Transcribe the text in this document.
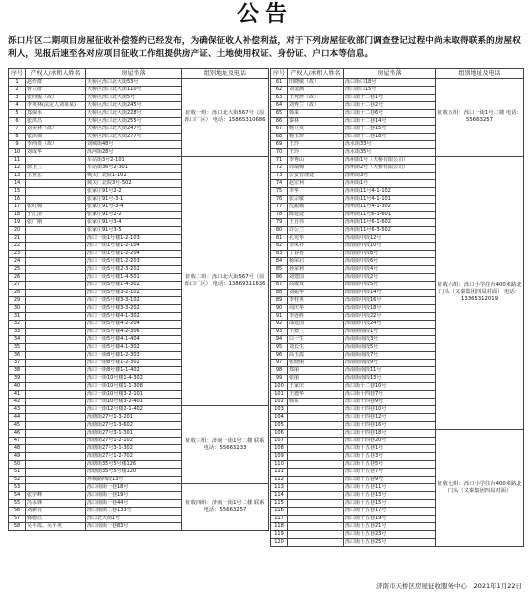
公告
泺口片区二期项目房屋征收补偿签约已经发布，为确保征收人补偿利益，对于下列房屋征收部门调查登记过程中尚未取得联系的房屋权利人，见报后速至各对应项目征收工作组提供房产证、土地使用权证、身份证、户口本等信息。
序号	产权人/承租人姓名	房屋坐落	组别地址及电话
1	赵作群	天桥区泺口北大街53号	征收一组：泺口北大街567号（原泺口厂区） 电话：15865310686
2	曹立群	天桥区泺口北大街110号	
3	张尚俊（故）	天桥区泺口北大街5号	
4	李英林(法定人刘某某)	天桥区泺口北大街245号	
5	郑保水	天桥区泺口北大街228号	
6	张洪昌	天桥区泺口北大街255号	
7	刘美林（故）	天桥区泺口北大街247号	
8	张洪锁	天桥区泺口北大街277号	
9	李西贵（故）	刘城街48号	
10	刘成华	泺河街28号	
11		车站街3号2-101	征收二组：泺口北大街567号（原泺口厂区） 电话：13869311636
12	徐卫兰	车站街36号2-301	
13	王亚宏	城关厂北院1-101	
14		城关厂北院3号-502	
15		张家庄91号2-2	
16		张家庄91号-3-1	
17	张红梅	张家庄91号-3-4	
18	于汇清	张家庄91号2-2	
19	张广刚	张家庄91号3-4	
20		张家庄91号3-5	
21		泺口一街1号楼1-2-103	
22		泺口一街1号楼1-2-104	
23		泺口一街1号楼1-2-204	
24		泺口一街5号楼1-2-203	
25		泺口一街5号楼2-3-202	
26		泺口一街5号楼1-4-501	
27		泺口一街5号楼1-4-302	
28		泺口一街5号楼3-2-102	
29		泺口一街5号楼3-3-102	
30		泺口一街5号楼3-3-202	
31		泺口一街5号楼4-1-302	
32		泺口一街5号楼4-2-204	
33		泺口一街5号楼4-2-306	
34		泺口一街5号楼4-1-404	
35		泺口一街5号楼4-1-302	
36		泺口一街8号楼1-2-303	
37		泺口一街8号楼1-2-302	
38		泺口一街8号楼1-1-402	
39		泺口一街10号楼1-4-302	
40		泺口一街10号楼1-1-308	
41		泺口一街10号楼3-2-101	
42		泺口一街10号楼3-2-401	
43		泺口一街12号楼2-1-402	征收三组：济南一街1号二楼 联系电话：55663233
44		泺塘街27号1-3-201	
45		泺塘街27号1-3-602	
46		泺塘街27号3-1-301	
47		泺塘街27号1-2-102	
48		泺塘街27号3-1-302	
49		泺塘街27号1-2-702	
50		泺塘街35号5号楼126	
51		泺塘街35号5号楼120	
52		环城路西段13号	
53		泺口南街一巷18号	征收四组：济南一街1号二楼 联系电话：55663257
54	张学峰	泺口南街一巷19号	
55	冯永锋	泺口南街一巷44号	
56	刘新亮	泺口南街二巷133号	
57	韩德昌	泺口北大街1号	
58	吴平霞、吴平英	泺口南街一巷83号	
序号	产权人/承租人姓名	房屋坐落	组别地址及电话
61	田晓敏（故）	泺口街口18号	征收五组：泺口一街1号二楼 电话：55663257
62	刘金满	泺口街口15号	
63	王秀珍（故）	泺口街十二巷1号	
64	刘秀兰（故）	泺口街十二巷2号	
65	韩来	泺口街十二巷6号	
66	秦林	泺口街十二巷14号	
67	杨立贵	泺口街十二巷15号	
68	杨玉珍	泺口街十二巷18号	
69	王玲	泺水街33号	
70	王玲	泺水街35号	
71	李秀山	泺州街1号（天桥有限公司）	征收六组：泺口小学住台400米路北门头（又秦集团四局对面） 电话：13365312019
72	周瑞梅	泺州街2号（天桥有限公司）	
73	公安管理处	泺州街3号	
74	赵宏利	泺州街1号	
75	李华	泺州街11号4-1-102	
76	张宗敏	泺州街11号4-1-101	
77	沈振城	泺州街11号4-1-302	
78	陈建设	泺州街11号6-1-601	
79	王自伟	泺州街11号6-1-602	
80	许公兰	泺州街11号6-3-502	
81	孔宪华	泺南街中段12号	
82	李凤祥	泺南街中段10号	
83	丁春香	泺南街中段8号	
84	杨荣启	泺南街中段6号	
85	孙荣利	泺南街中段4号	
86	刘建国	泺南街中段2号	
87	高敬发	泺南街中段5号	
88	刘振华	泺南街中段14号	
89	李桂英	泺南街中段16号	
90	周庆华	泺南街中段18号	
91	李连胜	泺南街中段22号	
92	邵建国	泺南街中段24号	
93	王德兰	泺南街南段1号	
94	白一生	泺南街南段3号	
95	刘长生	泺南街南段5号	
96	高玉霞	泺南街南段7号	
97	张晓丽	泺南街南段9号	
98	郑丽	泺南街南段11号	
99	张丽	泺南街南段13号	
100	王家庆	泺口街十二巷10号	
101	王德华	泺口街十四巷7号	
102	韩东	泺口街十四巷9号	
103		泺口街十四巷10号	
104		泺口街十四巷12号	
105		泺口街十四巷16号	
106		泺口街十四巷18号	征收七组：泺口小学往台400米路北门头（又秦集团四局对面）
107		泺口街十四巷20号	
108		泺口街十五巷1号	
109		泺口街十五巷3号	
110		泺口街十五巷5号	
111		泺口街十五巷7号	
112		泺口街十五巷9号	
113		泺口街十五巷11号	
114		泺口街十五巷13号	
115		泺口街十五巷15号	
116		泺口街十五巷17号	
117		泺口街十五巷19号	
118		泺口街十五巷21号	
119		泺口街十五巷23号	
120		泺口街十五巷25号	
济南市天桥区房屋征收服务中心　2021年1月22日
